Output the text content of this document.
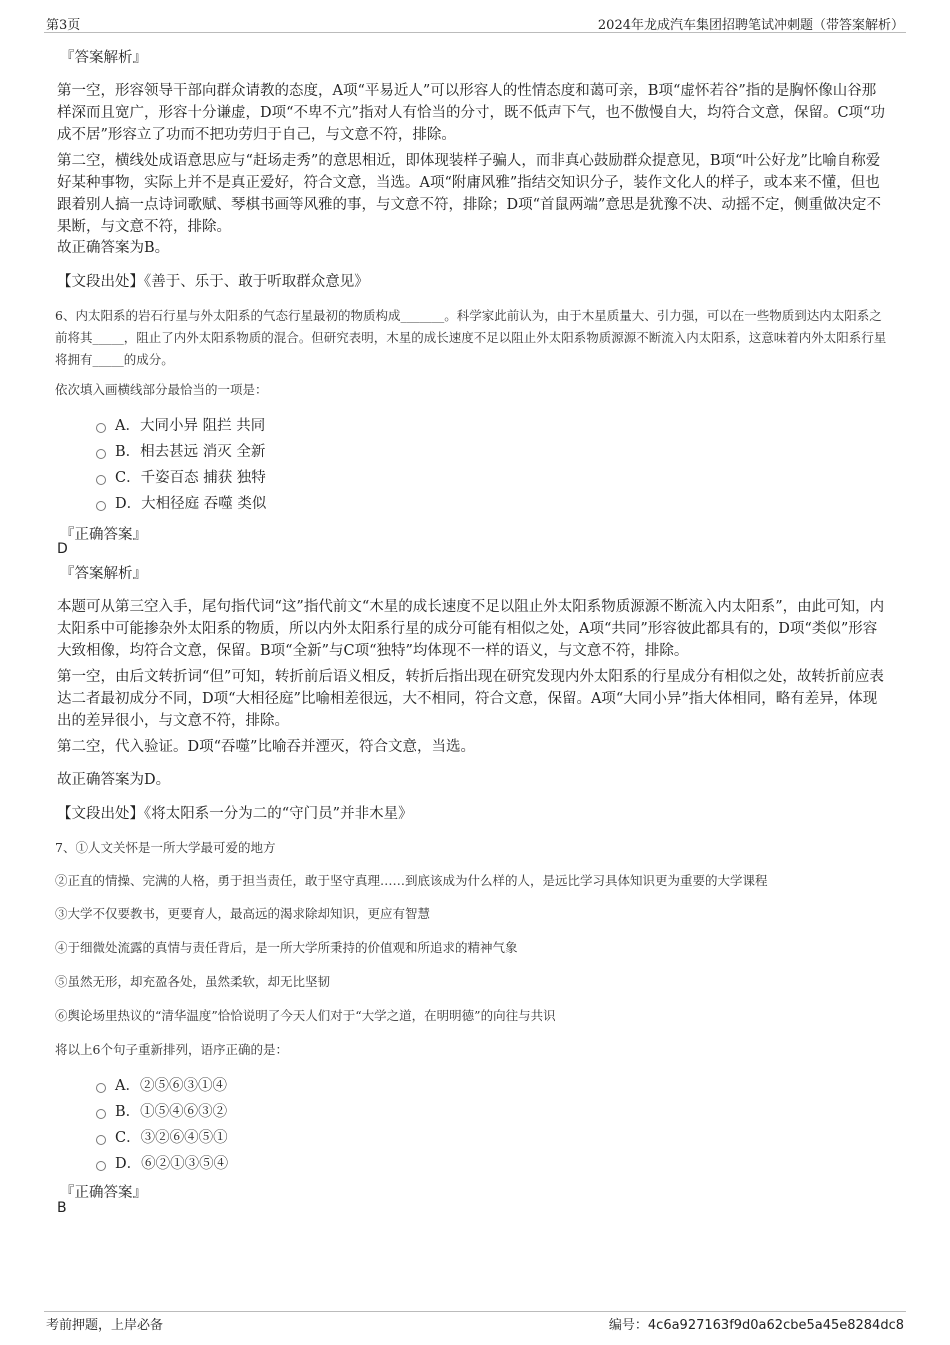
第3页	2024年龙成汽车集团招聘笔试冲刺题（带答案解析）
『答案解析』
第一空，形容领导干部向群众请教的态度，A项“平易近人”可以形容人的性情态度和蔼可亲，B项“虚怀若谷”指的是胸怀像山谷那样深而且宽广，形容十分谦虚，D项“不卑不亢”指对人有恰当的分寸，既不低声下气，也不傲慢自大，均符合文意，保留。C项“功成不居”形容立了功而不把功劳归于自己，与文意不符，排除。
第二空，横线处成语意思应与“赶场走秀”的意思相近，即体现装样子骗人，而非真心鼓励群众提意见，B项“叶公好龙”比喻自称爱好某种事物，实际上并不是真正爱好，符合文意，当选。A项“附庸风雅”指结交知识分子，装作文化人的样子，或本来不懂，但也跟着别人搞一点诗词歌赋、琴棋书画等风雅的事，与文意不符，排除；D项“首鼠两端”意思是犹豫不决、动摇不定，侧重做决定不果断，与文意不符，排除。
故正确答案为B。
【文段出处】《善于、乐于、敢于听取群众意见》
6、内太阳系的岩石行星与外太阳系的气态行星最初的物质构成_______。科学家此前认为，由于木星质量大、引力强，可以在一些物质到达内太阳系之前将其_____，阻止了内外太阳系物质的混合。但研究表明，木星的成长速度不足以阻止外太阳系物质源源不断流入内太阳系，这意味着内外太阳系行星将拥有_____的成分。
依次填入画横线部分最恰当的一项是：
A．大同小异 阻拦 共同
B．相去甚远 消灭 全新
C．千姿百态 捕获 独特
D．大相径庭 吞噬 类似
『正确答案』
D
『答案解析』
本题可从第三空入手，尾句指代词“这”指代前文“木星的成长速度不足以阻止外太阳系物质源源不断流入内太阳系”，由此可知，内太阳系中可能掺杂外太阳系的物质，所以内外太阳系行星的成分可能有相似之处，A项“共同”形容彼此都具有的，D项“类似”形容大致相像，均符合文意，保留。B项“全新”与C项“独特”均体现不一样的语义，与文意不符，排除。
第一空，由后文转折词“但”可知，转折前后语义相反，转折后指出现在研究发现内外太阳系的行星成分有相似之处，故转折前应表达二者最初成分不同，D项“大相径庭”比喻相差很远，大不相同，符合文意，保留。A项“大同小异”指大体相同，略有差异，体现出的差异很小，与文意不符，排除。
第二空，代入验证。D项“吞噬”比喻吞并湮灭，符合文意，当选。
故正确答案为D。
【文段出处】《将太阳系一分为二的“守门员”并非木星》
7、①人文关怀是一所大学最可爱的地方
②正直的情操、完满的人格，勇于担当责任，敢于坚守真理……到底该成为什么样的人，是远比学习具体知识更为重要的大学课程
③大学不仅要教书，更要育人，最高远的渴求除却知识，更应有智慧
④于细微处流露的真情与责任背后，是一所大学所秉持的价值观和所追求的精神气象
⑤虽然无形，却充盈各处，虽然柔软，却无比坚韧
⑥舆论场里热议的“清华温度”恰恰说明了今天人们对于“大学之道，在明明德”的向往与共识
将以上6个句子重新排列，语序正确的是：
A．②⑤⑥③①④
B．①⑤④⑥③②
C．③②⑥④⑤①
D．⑥②①③⑤④
『正确答案』
B
考前押题，上岸必备	编号：4c6a927163f9d0a62cbe5a45e8284dc8
